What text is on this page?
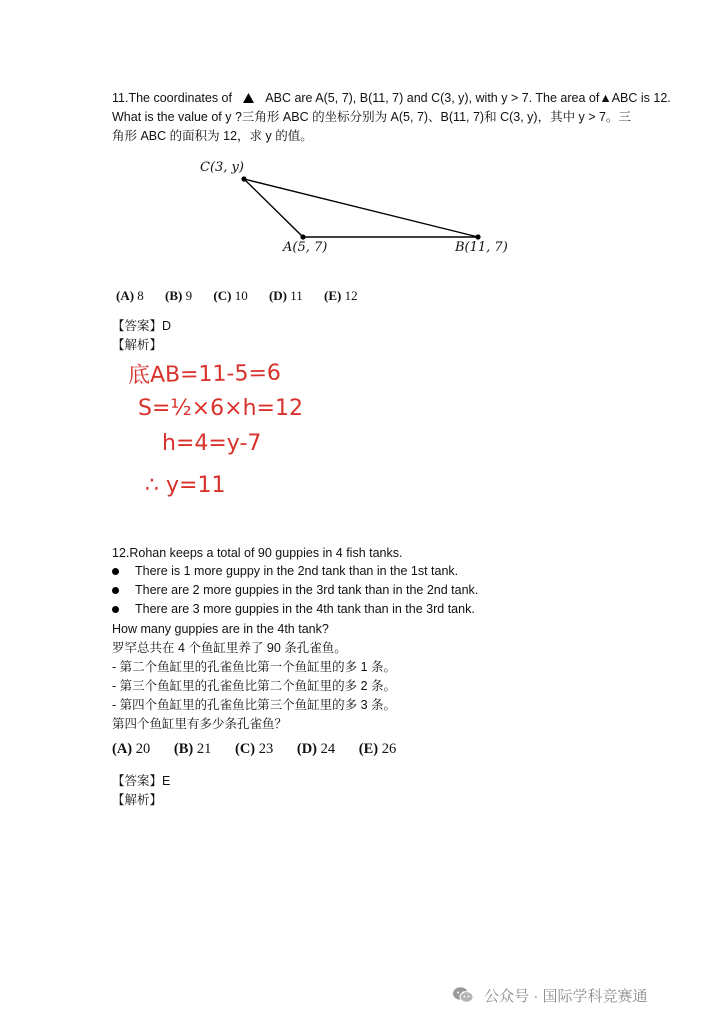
11.The coordinates of	ABC are A(5, 7), B(11, 7) and C(3, y), with y > 7. The area of▲ABC is 12.
What is the value of y ?三角形 ABC 的坐标分别为 A(5, 7)、B(11, 7)和 C(3, y)，其中 y > 7。三
角形 ABC 的面积为 12，求 y 的值。
C(3, y)
A(5, 7)	B(11, 7)
(A) 8 (B) 9 (C) 10 (D) 11 (E) 12
【答案】D
【解析】
底AB=11-5=6
S=½×6×h=12
h=4=y-7
∴ y=11
12.Rohan keeps a total of 90 guppies in 4 fish tanks.
There is 1 more guppy in the 2nd tank than in the 1st tank.
There are 2 more guppies in the 3rd tank than in the 2nd tank.
There are 3 more guppies in the 4th tank than in the 3rd tank.
How many guppies are in the 4th tank?
罗罕总共在 4 个鱼缸里养了 90 条孔雀鱼。
- 第二个鱼缸里的孔雀鱼比第一个鱼缸里的多 1 条。
- 第三个鱼缸里的孔雀鱼比第二个鱼缸里的多 2 条。
- 第四个鱼缸里的孔雀鱼比第三个鱼缸里的多 3 条。
第四个鱼缸里有多少条孔雀鱼？
(A) 20 (B) 21 (C) 23 (D) 24 (E) 26
【答案】E
【解析】
公众号 · 国际学科竞赛通
